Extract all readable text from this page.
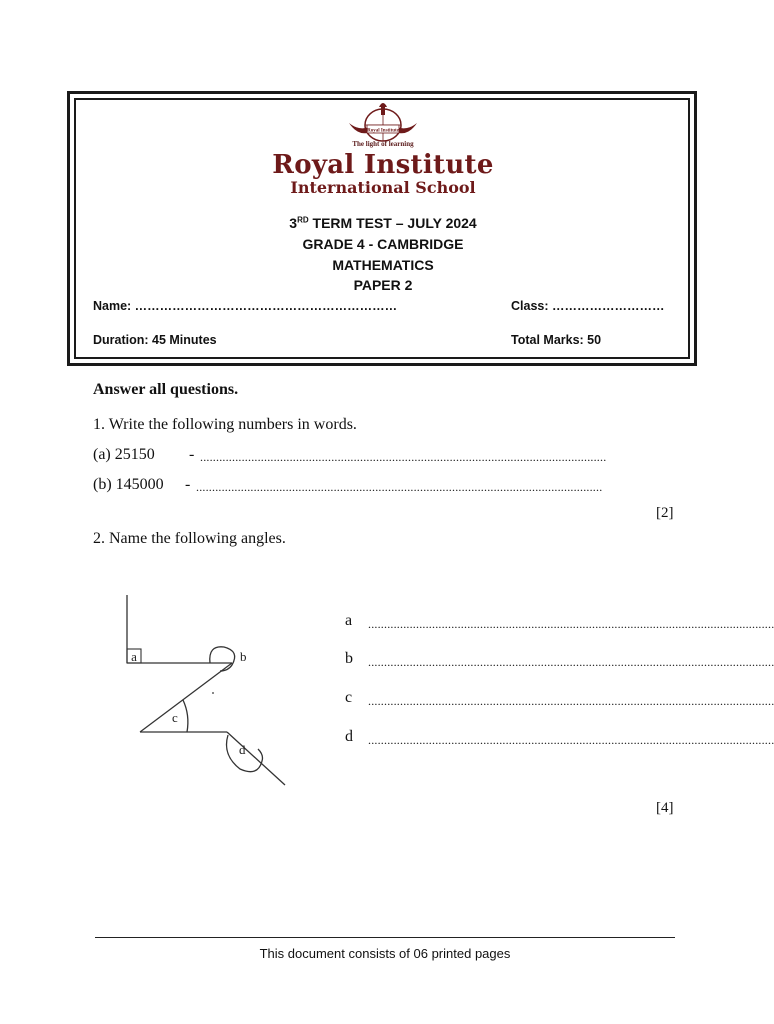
Royal Institute
The light of learning
Royal Institute
International School
3RD TERM TEST – JULY 2024
GRADE 4 - CAMBRIDGE
MATHEMATICS
PAPER 2
Name: ………………………………………………………	Class: ………………………
Duration: 45 Minutes	Total Marks: 50
Answer all questions.
1. Write the following numbers in words.
(a) 25150 - ...............................................................................................................................
(b) 145000 - ...............................................................................................................................
[2]
2. Name the following angles.
a	b
c
d
a ...............................................................................................................................
b ...............................................................................................................................
c ...............................................................................................................................
d ...............................................................................................................................
[4]
This document consists of 06 printed pages
